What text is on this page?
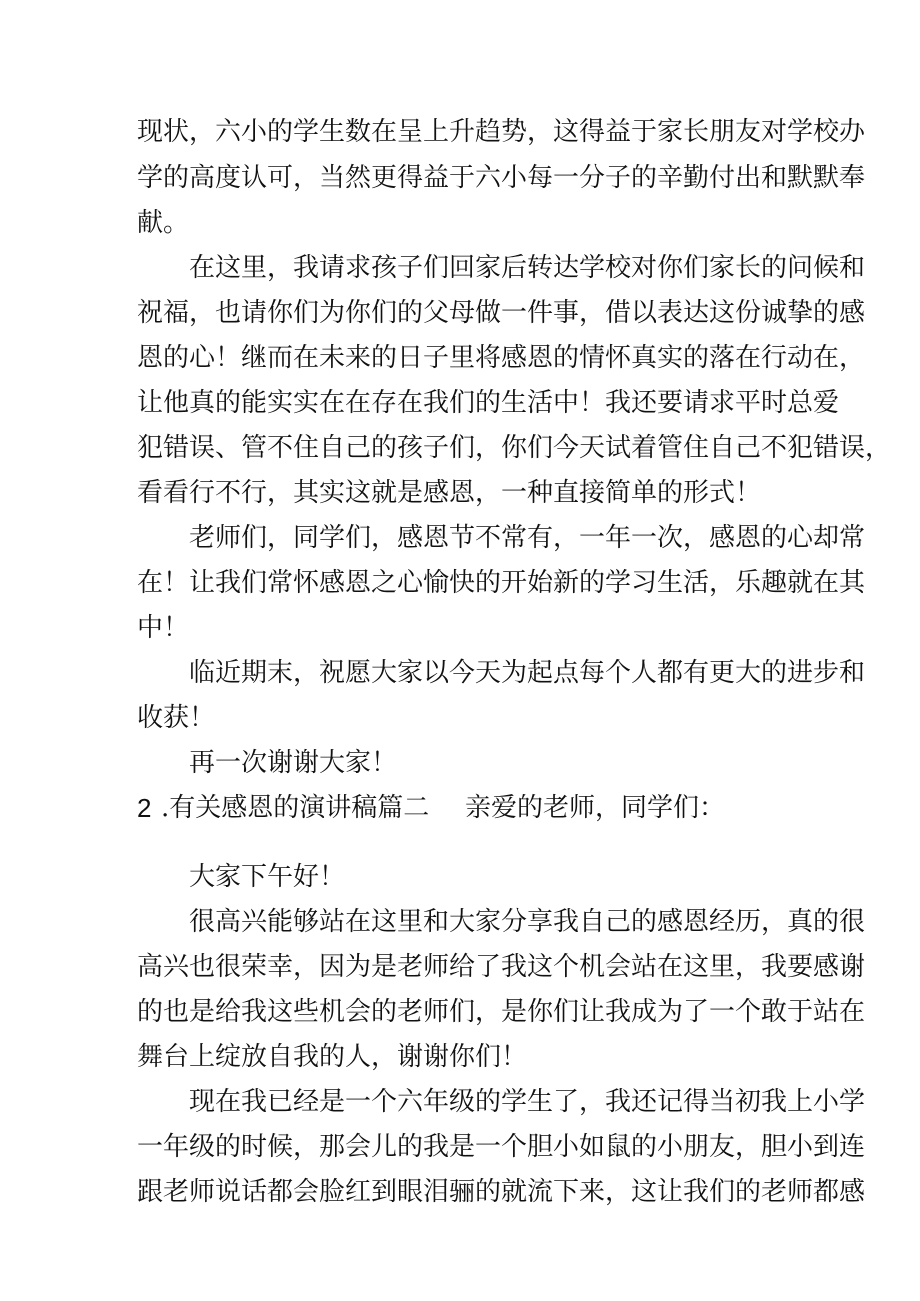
现状，六小的学生数在呈上升趋势，这得益于家长朋友对学校办
学的高度认可，当然更得益于六小每一分子的辛勤付出和默默奉
献。
在这里，我请求孩子们回家后转达学校对你们家长的问候和
祝福，也请你们为你们的父母做一件事，借以表达这份诚挚的感
恩的心！继而在未来的日子里将感恩的情怀真实的落在行动在，
让他真的能实实在在存在我们的生活中！我还要请求平时总爱
犯错误、管不住自己的孩子们，你们今天试着管住自己不犯错误，
看看行不行，其实这就是感恩，一种直接简单的形式！
老师们，同学们，感恩节不常有，一年一次，感恩的心却常
在！让我们常怀感恩之心愉快的开始新的学习生活，乐趣就在其
中！
临近期末，祝愿大家以今天为起点每个人都有更大的进步和
收获！
再一次谢谢大家！
2 .有关感恩的演讲稿篇二 亲爱的老师，同学们：
大家下午好！
很高兴能够站在这里和大家分享我自己的感恩经历，真的很
高兴也很荣幸，因为是老师给了我这个机会站在这里，我要感谢
的也是给我这些机会的老师们，是你们让我成为了一个敢于站在
舞台上绽放自我的人，谢谢你们！
现在我已经是一个六年级的学生了，我还记得当初我上小学
一年级的时候，那会儿的我是一个胆小如鼠的小朋友，胆小到连
跟老师说话都会脸红到眼泪骊的就流下来，这让我们的老师都感
